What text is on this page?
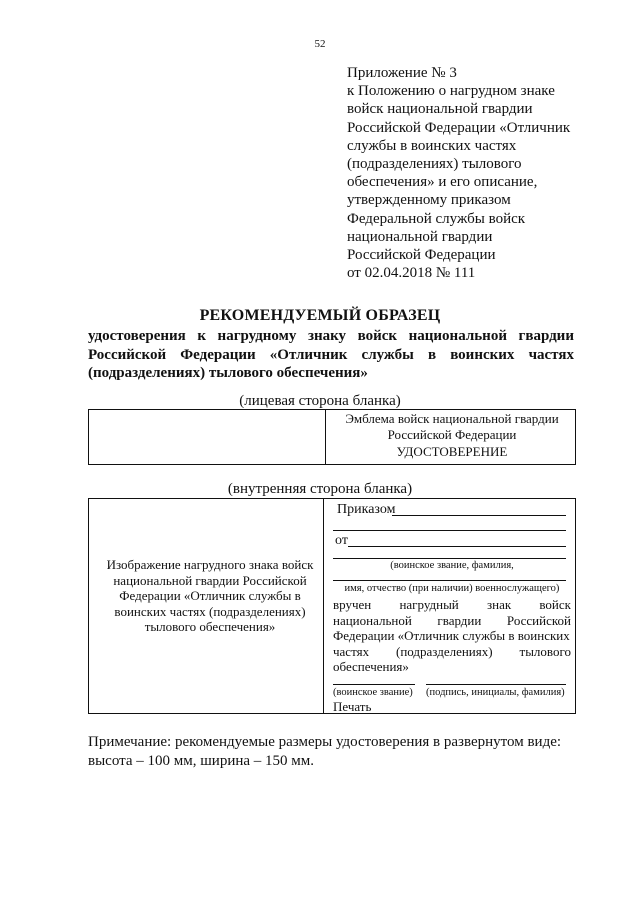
52
Приложение № 3
к Положению о нагрудном знаке
войск национальной гвардии
Российской Федерации «Отличник
службы в воинских частях
(подразделениях) тылового
обеспечения» и его описание,
утвержденному приказом
Федеральной службы войск
национальной гвардии
Российской Федерации
от 02.04.2018 № 111
РЕКОМЕНДУЕМЫЙ ОБРАЗЕЦ
удостоверения к нагрудному знаку войск национальной гвардии
Российской Федерации «Отличник службы в воинских частях
(подразделениях) тылового обеспечения»
(лицевая сторона бланка)
Эмблема войск национальной гвардии
Российской Федерации
УДОСТОВЕРЕНИЕ
(внутренняя сторона бланка)
Изображение нагрудного знака войск
национальной гвардии Российской
Федерации «Отличник службы в
воинских частях (подразделениях)
тылового обеспечения»
Приказом
от
(воинское звание, фамилия,
имя, отчество (при наличии) военнослужащего)
вручен нагрудный знак войск
национальной гвардии Российской
Федерации «Отличник службы в воинских
частях (подразделениях) тылового
обеспечения»
(воинское звание)	(подпись, инициалы, фамилия)
Печать
Примечание: рекомендуемые размеры удостоверения в развернутом виде:
высота – 100 мм, ширина – 150 мм.
